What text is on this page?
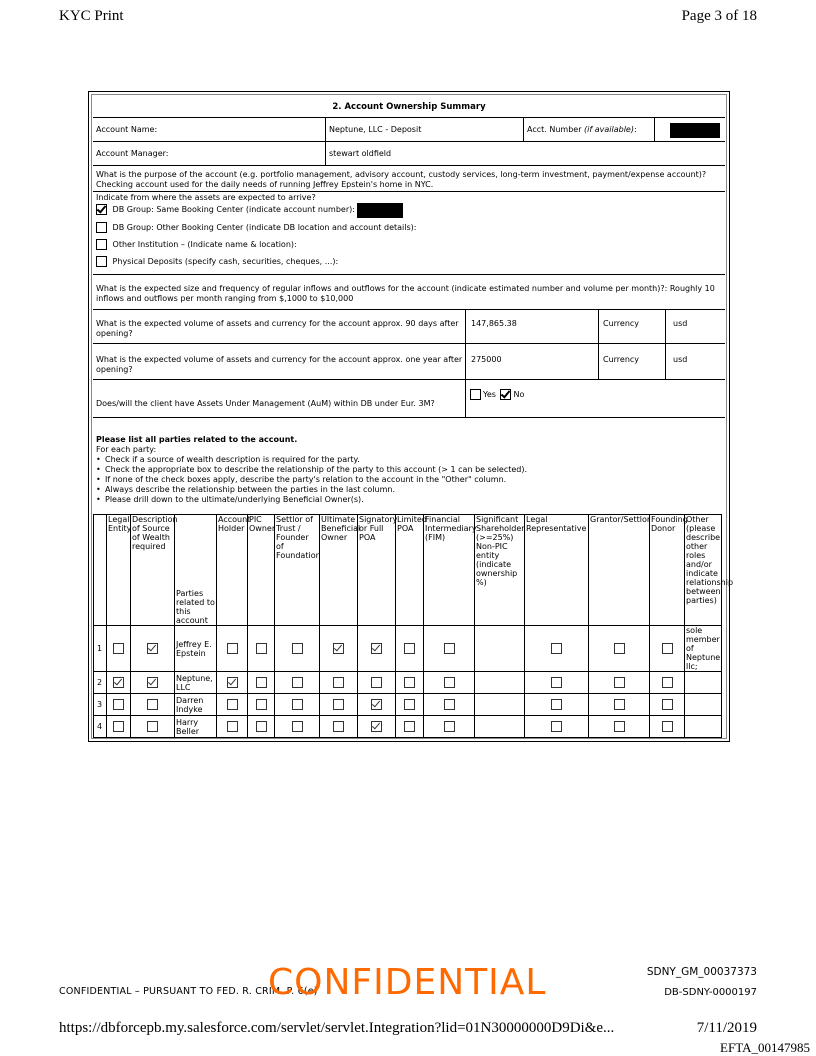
KYC Print	Page 3 of 18
2. Account Ownership Summary
Account Name:	Neptune, LLC - Deposit	Acct. Number (if available):
Account Manager:	stewart oldfield
What is the purpose of the account (e.g. portfolio management, advisory account, custody services, long-term investment, payment/expense account)? Checking account used for the daily needs of running Jeffrey Epstein's home in NYC.
Indicate from where the assets are expected to arrive?
DB Group: Same Booking Center (indicate account number):
DB Group: Other Booking Center (indicate DB location and account details):
Other Institution – (Indicate name & location):
Physical Deposits (specify cash, securities, cheques, ...):
What is the expected size and frequency of regular inflows and outflows for the account (indicate estimated number and volume per month)?: Roughly 10 inflows and outflows per month ranging from $,1000 to $10,000
What is the expected volume of assets and currency for the account approx. 90 days after opening?
147,865.38	Currency	usd
What is the expected volume of assets and currency for the account approx. one year after opening?
275000	Currency	usd
Does/will the client have Assets Under Management (AuM) within DB under Eur. 3M?
Yes No
Please list all parties related to the account.
For each party:
• Check if a source of wealth description is required for the party.
• Check the appropriate box to describe the relationship of the party to this account (> 1 can be selected).
• If none of the check boxes apply, describe the party's relation to the account in the "Other" column.
• Always describe the relationship between the parties in the last column.
• Please drill down to the ultimate/underlying Beneficial Owner(s).
	Legal Entity	Description of Source of Wealth required	Parties related to this account	Account Holder	PIC Owner	Settlor of Trust / Founder of Foundation	Ultimate Beneficial Owner	Signatory or Full POA	Limited POA	Financial Intermediary (FIM)	Significant Shareholder (>=25%) Non-PIC entity (indicate ownership %)	Legal Representative	Grantor/Settlor	Founding Donor	Other (please describe other roles and/or indicate relationship between parties)
1			Jeffrey E. Epstein												sole member of Neptune llc;
2			Neptune, LLC												
3			Darren Indyke												
4			Harry Beller												
CONFIDENTIAL – PURSUANT TO FED. R. CRIM. P. 6(e)
CONFIDENTIAL	SDNY_GM_00037373
DB-SDNY-0000197
https://dbforcepb.my.salesforce.com/servlet/servlet.Integration?lid=01N30000000D9Di&e...	7/11/2019
EFTA_00147985
